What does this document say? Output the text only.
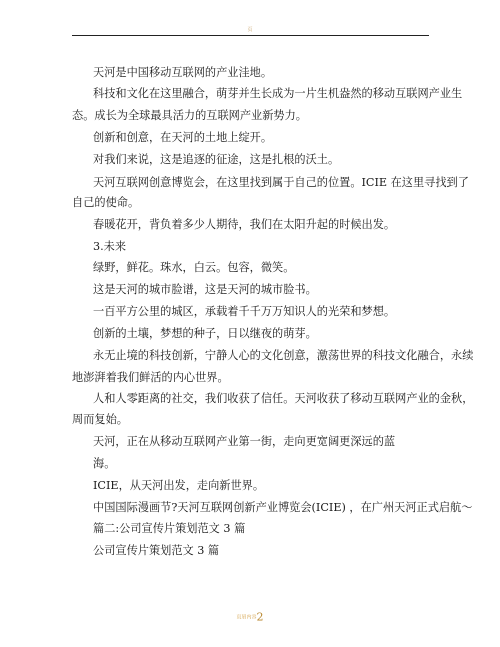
页
天河是中国移动互联网的产业洼地。
科技和文化在这里融合，萌芽并生长成为一片生机盎然的移动互联网产业生
态。成长为全球最具活力的互联网产业新势力。
创新和创意，在天河的土地上绽开。
对我们来说，这是追逐的征途，这是扎根的沃土。
天河互联网创意博览会，在这里找到属于自己的位置。ICIE 在这里寻找到了
自己的使命。
春暖花开，背负着多少人期待，我们在太阳升起的时候出发。
3.未来
绿野，鲜花。珠水，白云。包容，微笑。
这是天河的城市脸谱，这是天河的城市脸书。
一百平方公里的城区，承载着千千万万知识人的光荣和梦想。
创新的土壤，梦想的种子，日以继夜的萌芽。
永无止境的科技创新，宁静人心的文化创意，激荡世界的科技文化融合，永续
地澎湃着我们鲜活的内心世界。
人和人零距离的社交，我们收获了信任。天河收获了移动互联网产业的金秋，
周而复始。
天河，正在从移动互联网产业第一街，走向更宽阔更深远的蓝
海。
ICIE，从天河出发，走向新世界。
中国国际漫画节?天河互联网创新产业博览会(ICIE) ，在广州天河正式启航～
篇二:公司宣传片策划范文 3 篇
公司宣传片策划范文 3 篇
页眉内容2
